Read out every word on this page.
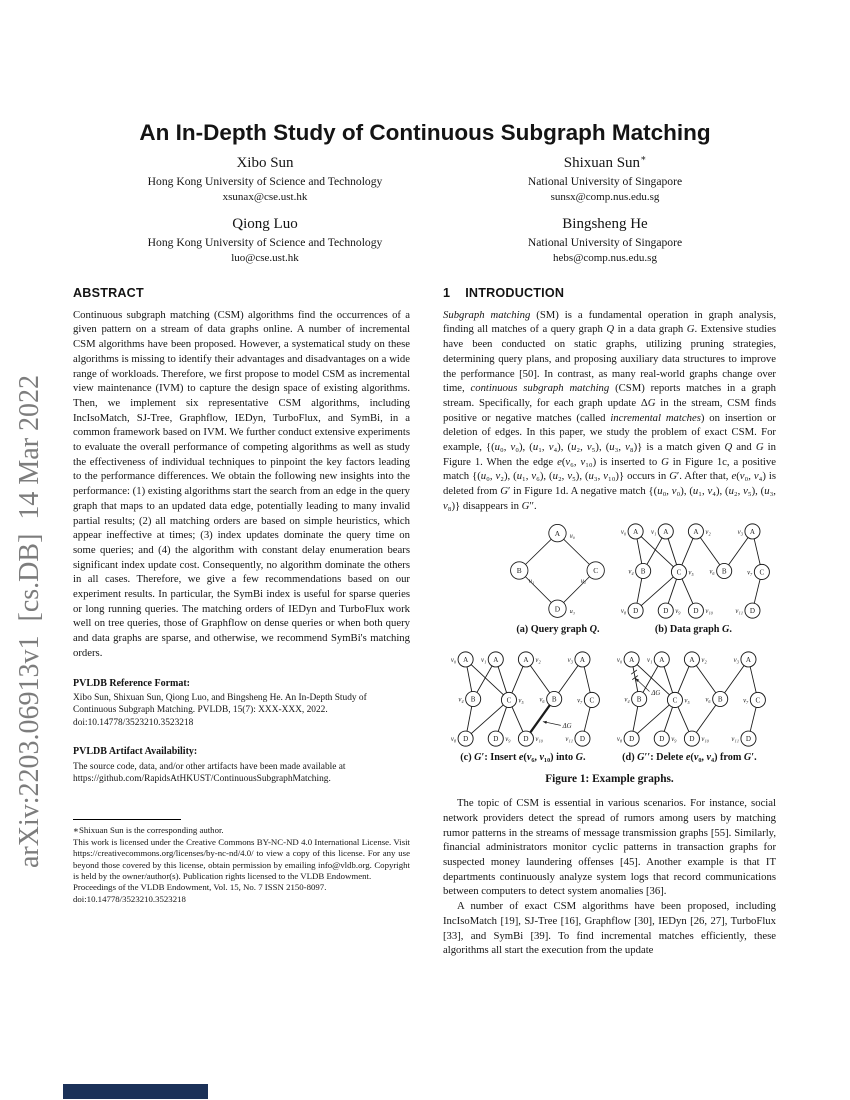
arXiv:2203.06913v1  [cs.DB]  14 Mar 2022
An In-Depth Study of Continuous Subgraph Matching
Xibo Sun
Hong Kong University of Science and Technology
xsunax@cse.ust.hk
Shixuan Sun∗
National University of Singapore
sunsx@comp.nus.edu.sg
Qiong Luo
Hong Kong University of Science and Technology
luo@cse.ust.hk
Bingsheng He
National University of Singapore
hebs@comp.nus.edu.sg
ABSTRACT

Continuous subgraph matching (CSM) algorithms find the occurrences of a given pattern on a stream of data graphs online. A number of incremental CSM algorithms have been proposed. However, a systematical study on these algorithms is missing to identify their advantages and disadvantages on a wide range of workloads. Therefore, we first propose to model CSM as incremental view maintenance (IVM) to capture the design space of existing algorithms. Then, we implement six representative CSM algorithms, including IncIsoMatch, SJ-Tree, Graphflow, IEDyn, TurboFlux, and SymBi, in a common framework based on IVM. We further conduct extensive experiments to evaluate the overall performance of competing algorithms as well as study the effectiveness of individual techniques to pinpoint the key factors leading to the performance differences. We obtain the following new insights into the performance: (1) existing algorithms start the search from an edge in the query graph that maps to an updated data edge, potentially leading to many invalid partial results; (2) all matching orders are based on simple heuristics, which appear ineffective at times; (3) index updates dominate the query time on some queries; and (4) the algorithm with constant delay enumeration bears significant index update cost. Consequently, no algorithm dominate the others in all cases. Therefore, we give a few recommendations based on our experiment results. In particular, the SymBi index is useful for sparse queries or long running queries. The matching orders of IEDyn and TurboFlux work well on tree queries, those of Graphflow on dense queries or when both query and data graphs are sparse, and otherwise, we recommend SymBi's matching orders.

PVLDB Reference Format:
Xibo Sun, Shixuan Sun, Qiong Luo, and Bingsheng He. An In-Depth Study of Continuous Subgraph Matching. PVLDB, 15(7): XXX-XXX, 2022.
doi:10.14778/3523210.3523218
PVLDB Artifact Availability:
The source code, data, and/or other artifacts have been made available at https://github.com/RapidsAtHKUST/ContinuousSubgraphMatching.

∗Shixuan Sun is the corresponding author.

This work is licensed under the Creative Commons BY-NC-ND 4.0 International License. Visit https://creativecommons.org/licenses/by-nc-nd/4.0/ to view a copy of this license. For any use beyond those covered by this license, obtain permission by emailing info@vldb.org. Copyright is held by the owner/author(s). Publication rights licensed to the VLDB Endowment.

Proceedings of the VLDB Endowment, Vol. 15, No. 7 ISSN 2150-8097.

doi:10.14778/3523210.3523218

1 INTRODUCTION

Subgraph matching (SM) is a fundamental operation in graph analysis, finding all matches of a query graph Q in a data graph G. Extensive studies have been conducted on static graphs, utilizing pruning strategies, determining query plans, and proposing auxiliary data structures to improve the performance [50]. In contrast, as many real-world graphs change over time, continuous subgraph matching (CSM) reports matches in a graph stream. Specifically, for each graph update ΔG in the stream, CSM finds positive or negative matches (called incremental matches) on insertion or deletion of edges. In this paper, we study the problem of exact CSM. For example, {(u₀, v₀), (u₁, v₄), (u₂, v₅), (u₃, v₈)} is a match given Q and G in Figure 1. When the edge e(v₆, v₁₀) is inserted to G in Figure 1c, a positive match {(u₀, v₂), (u₁, v₆), (u₂, v₅), (u₃, v₁₀)} occurs in G′. After that, e(v₀, v₄) is deleted from G′ in Figure 1d. A negative match {(u₀, v₀), (u₁, v₄), (u₂, v₅), (u₃, v₈)} disappears in G′′.

A u₀
B
u₁
C
u₂
D u₃
(a) Query graph Q.
A
v₀	A
v₁	A v₂	A
v₃
B
v₄	C v₅	B
v₆	C
v₇
D
v₈	D v₉ D v₁₀	D
v₁₁
(b) Data graph G.
ΔG
A
v₀	A
v₁	A v₂	A
v₃
B
v₄	C v₅	B
v₆	C
v₇
D
v₈	D v₉ D v₁₀	D
v₁₁
(c) G′: Insert e(v₆, v₁₀) into G.
ΔG
A
v₀	A
v₁	A v₂	A
v₃
B
v₄	C v₅	B
v₆	C
v₇
D
v₈	D v₉ D v₁₀	D
v₁₁
(d) G′′: Delete e(v₀, v₄) from G′.
Figure 1: Example graphs.

The topic of CSM is essential in various scenarios. For instance, social network providers detect the spread of rumors among users by matching rumor patterns in the streams of message transmission graphs [55]. Similarly, financial administrators monitor cyclic patterns in transaction graphs for suspected money laundering offenses [45]. Another example is that IT departments continuously analyze system logs that record communications between computers to detect system anomalies [36].

A number of exact CSM algorithms have been proposed, including IncIsoMatch [19], SJ-Tree [16], Graphflow [30], IEDyn [26, 27], TurboFlux [33], and SymBi [39]. To find incremental matches efficiently, these algorithms all start the execution from the update
